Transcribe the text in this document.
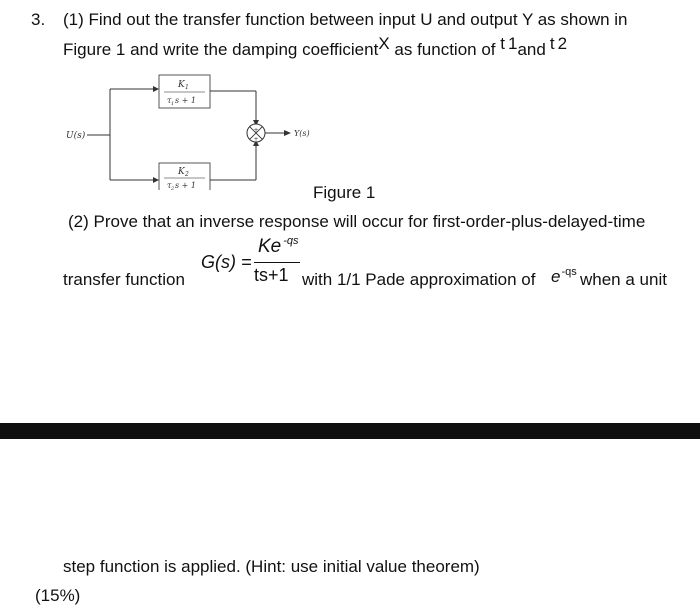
3. (1) Find out the transfer function between input U and output Y as shown in
Figure 1 and write the damping coefficientX as function of t 1and t 2
U(s)
K 1
τ 1 s + 1
K 2
τ 2 s + 1
+
+
Y(s)
Figure 1
(2) Prove that an inverse response will occur for first-order-plus-delayed-time
G(s) =
Ke $^{-qs}$
ts+1
transfer function	with 1/1 Pade approximation of $e^{-qs}$ when a unit
step function is applied. (Hint: use initial value theorem)
(15%)
